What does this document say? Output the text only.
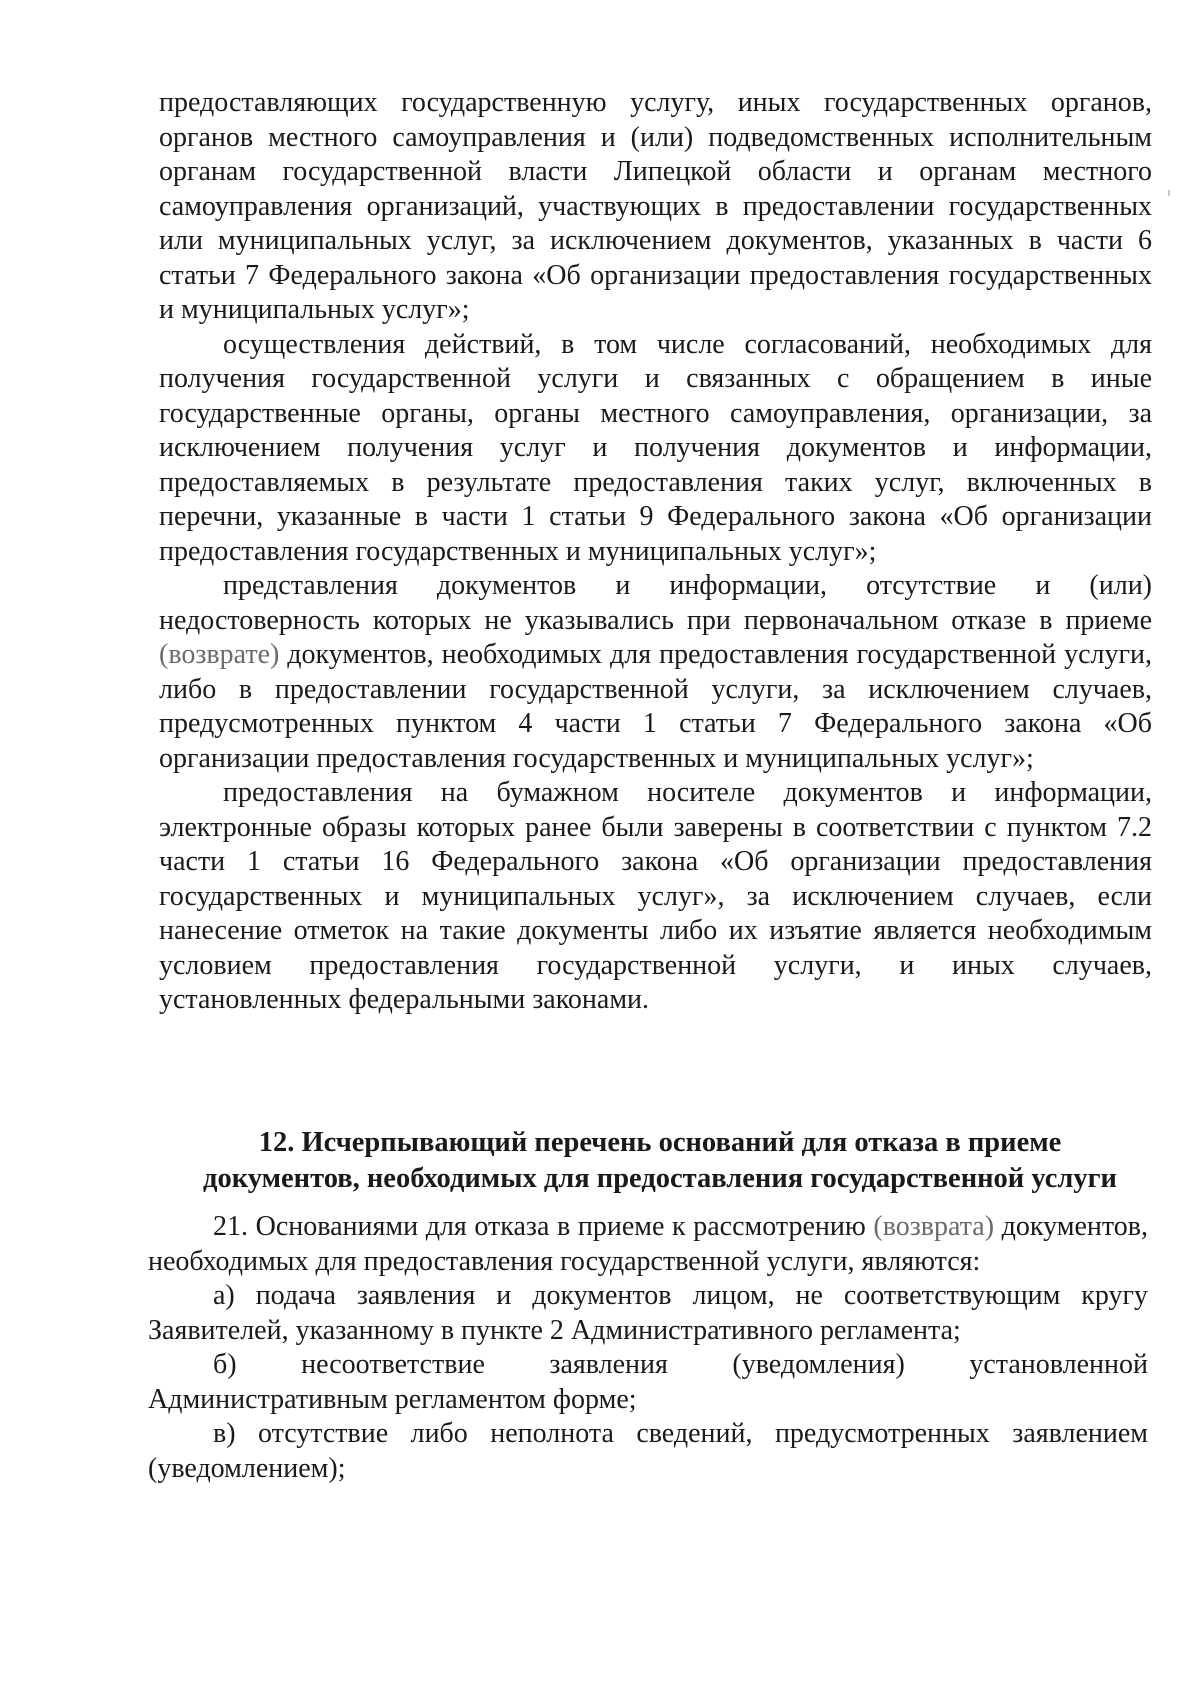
предоставляющих государственную услугу, иных государственных органов, органов местного самоуправления и (или) подведомственных исполнительным органам государственной власти Липецкой области и органам местного самоуправления организаций, участвующих в предоставлении государственных или муниципальных услуг, за исключением документов, указанных в части 6 статьи 7 Федерального закона «Об организации предоставления государственных и муниципальных услуг»;

осуществления действий, в том числе согласований, необходимых для получения государственной услуги и связанных с обращением в иные государственные органы, органы местного самоуправления, организации, за исключением получения услуг и получения документов и информации, предоставляемых в результате предоставления таких услуг, включенных в перечни, указанные в части 1 статьи 9 Федерального закона «Об организации предоставления государственных и муниципальных услуг»;

представления документов и информации, отсутствие и (или) недостоверность которых не указывались при первоначальном отказе в приеме (возврате) документов, необходимых для предоставления государственной услуги, либо в предоставлении государственной услуги, за исключением случаев, предусмотренных пунктом 4 части 1 статьи 7 Федерального закона «Об организации предоставления государственных и муниципальных услуг»;

предоставления на бумажном носителе документов и информации, электронные образы которых ранее были заверены в соответствии с пунктом 7.2 части 1 статьи 16 Федерального закона «Об организации предоставления государственных и муниципальных услуг», за исключением случаев, если нанесение отметок на такие документы либо их изъятие является необходимым условием предоставления государственной услуги, и иных случаев, установленных федеральными законами.

12. Исчерпывающий перечень оснований для отказа в приеме
документов, необходимых для предоставления государственной услуги

21. Основаниями для отказа в приеме к рассмотрению (возврата) документов, необходимых для предоставления государственной услуги, являются:

а) подача заявления и документов лицом, не соответствующим кругу Заявителей, указанному в пункте 2 Административного регламента;

б) несоответствие заявления (уведомления) установленной Административным регламентом форме;

в) отсутствие либо неполнота сведений, предусмотренных заявлением (уведомлением);
